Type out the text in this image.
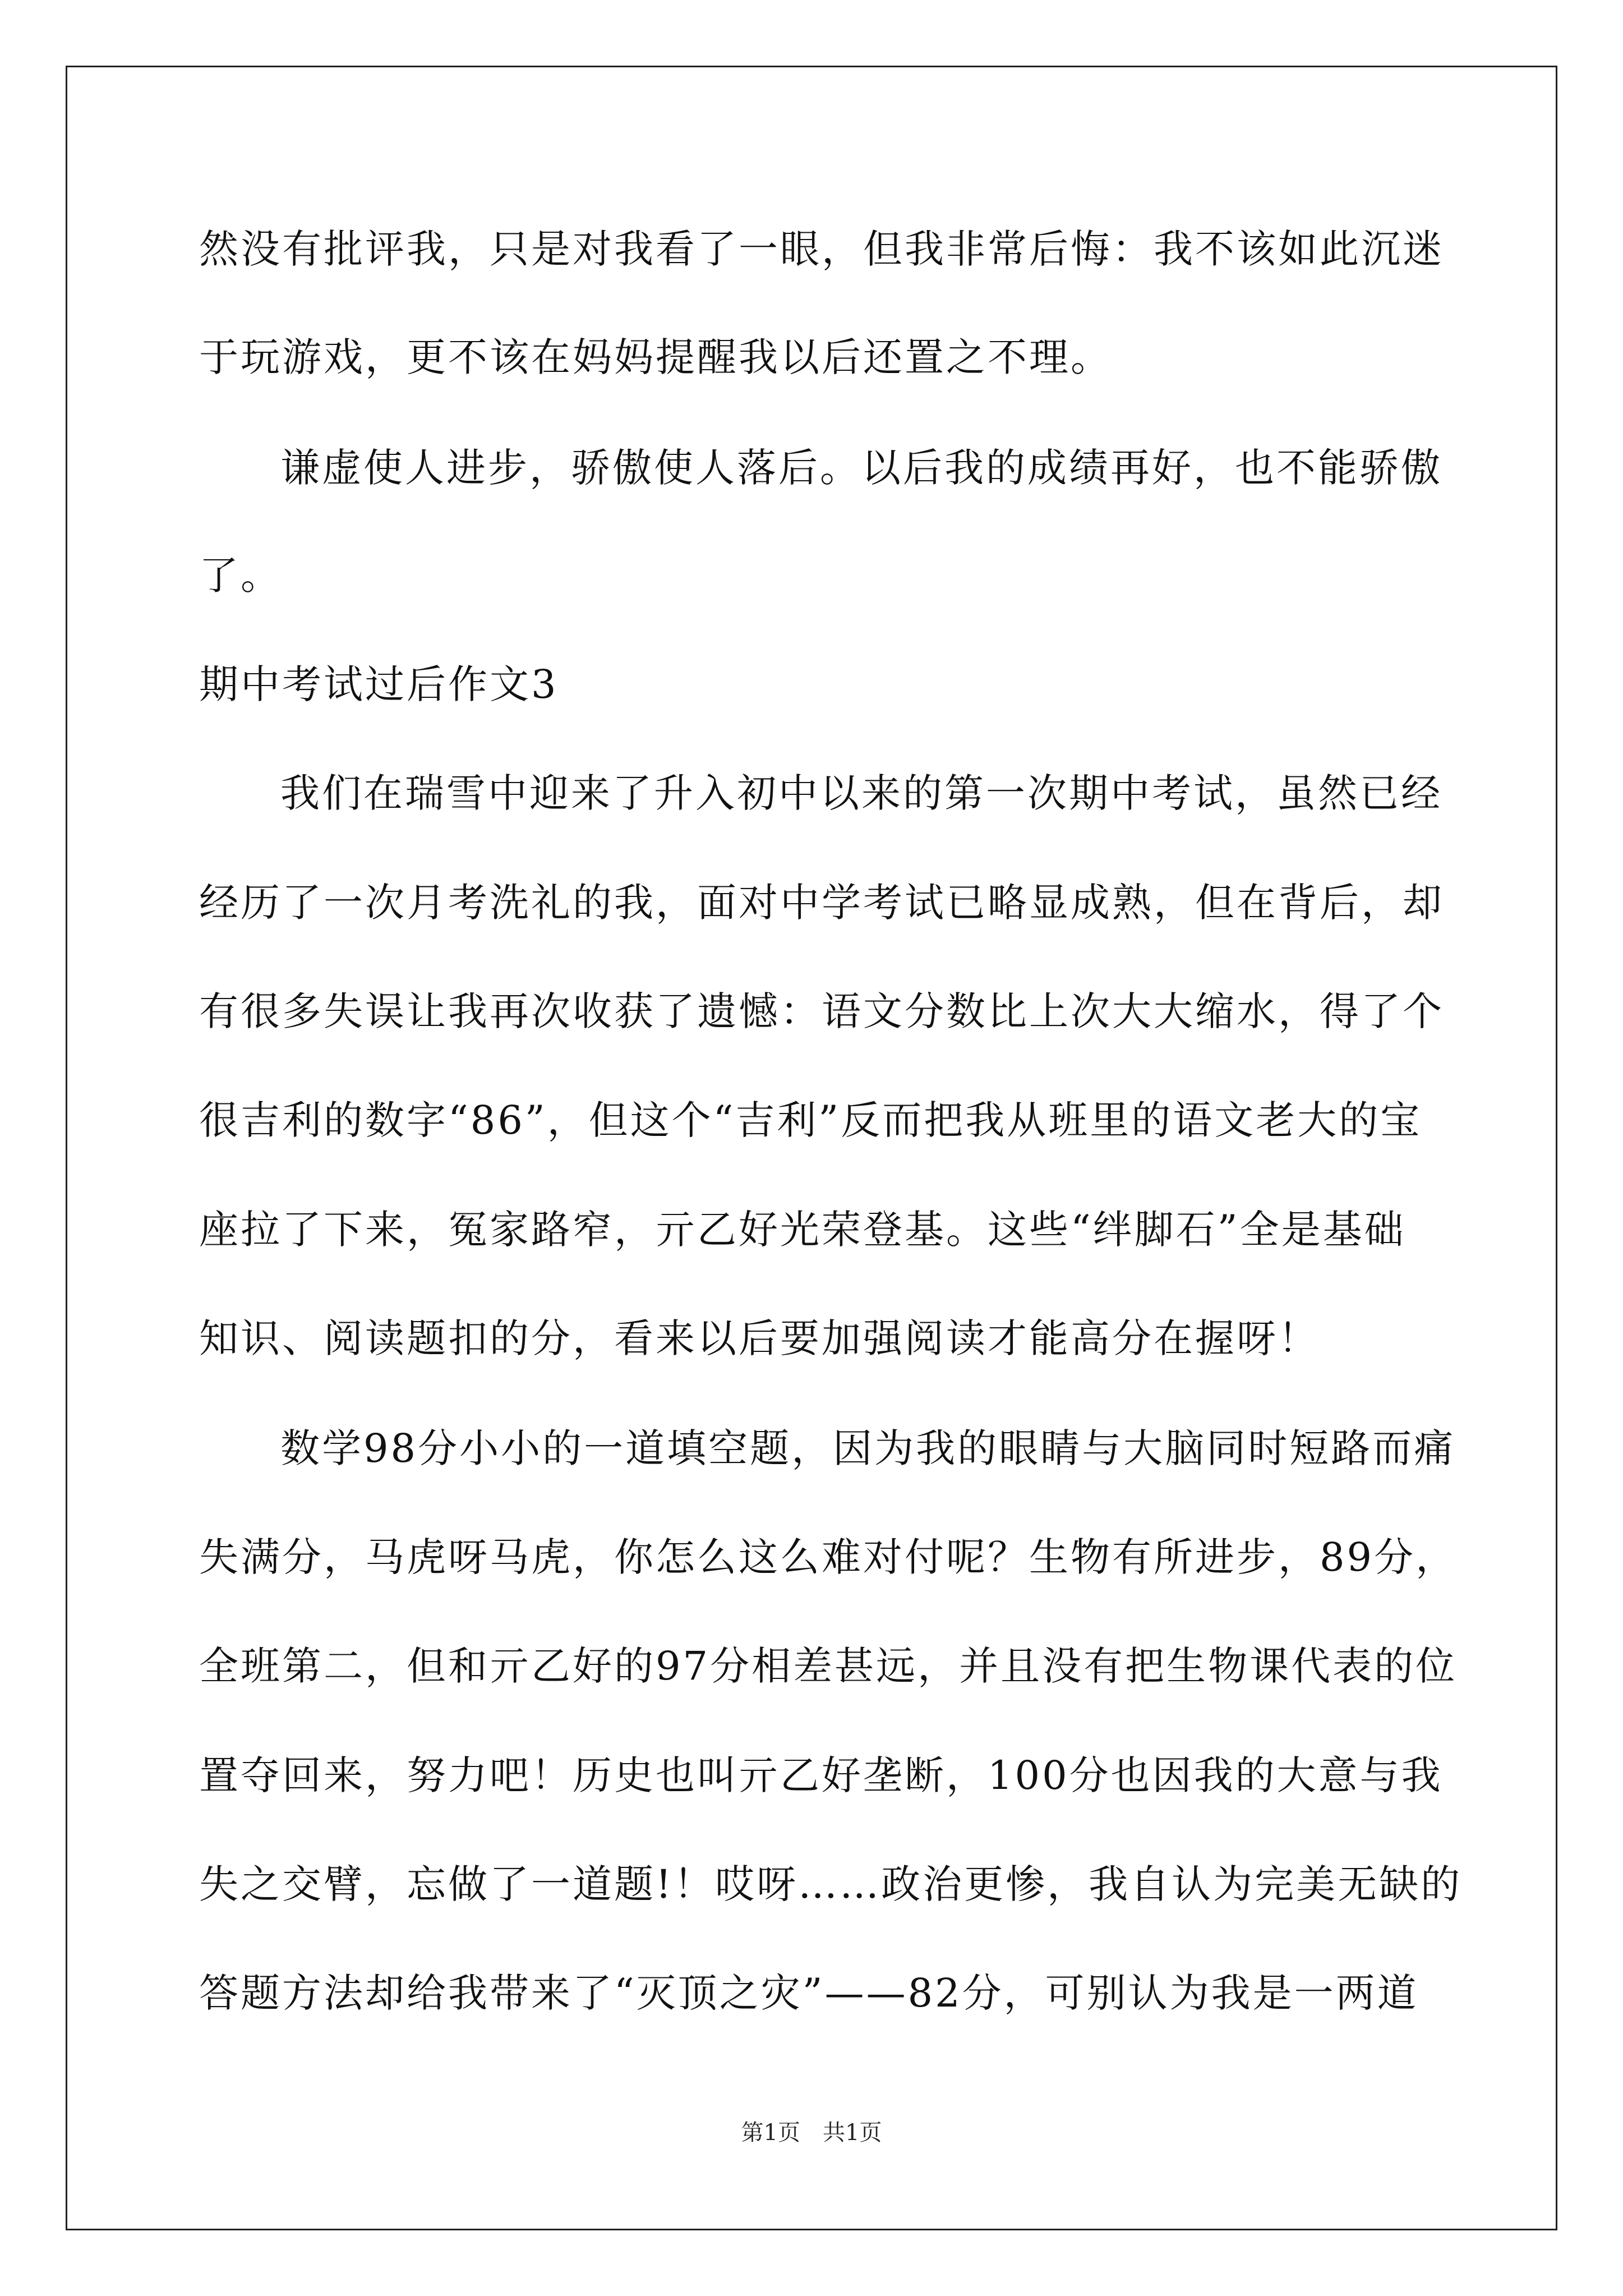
然没有批评我，只是对我看了一眼，但我非常后悔：我不该如此沉迷
于玩游戏，更不该在妈妈提醒我以后还置之不理。
谦虚使人进步，骄傲使人落后。以后我的成绩再好，也不能骄傲
了。
期中考试过后作文3
我们在瑞雪中迎来了升入初中以来的第一次期中考试，虽然已经
经历了一次月考洗礼的我，面对中学考试已略显成熟，但在背后，却
有很多失误让我再次收获了遗憾：语文分数比上次大大缩水，得了个
很吉利的数字“86”，但这个“吉利”反而把我从班里的语文老大的宝
座拉了下来，冤家路窄，亓乙好光荣登基。这些“绊脚石”全是基础
知识、阅读题扣的分，看来以后要加强阅读才能高分在握呀！
数学98分小小的一道填空题，因为我的眼睛与大脑同时短路而痛
失满分，马虎呀马虎，你怎么这么难对付呢？生物有所进步，89分，
全班第二，但和亓乙好的97分相差甚远，并且没有把生物课代表的位
置夺回来，努力吧！历史也叫亓乙好垄断，100分也因我的大意与我
失之交臂，忘做了一道题!！哎呀……政治更惨，我自认为完美无缺的
答题方法却给我带来了“灭顶之灾”——82分，可别认为我是一两道
第1页　共1页
